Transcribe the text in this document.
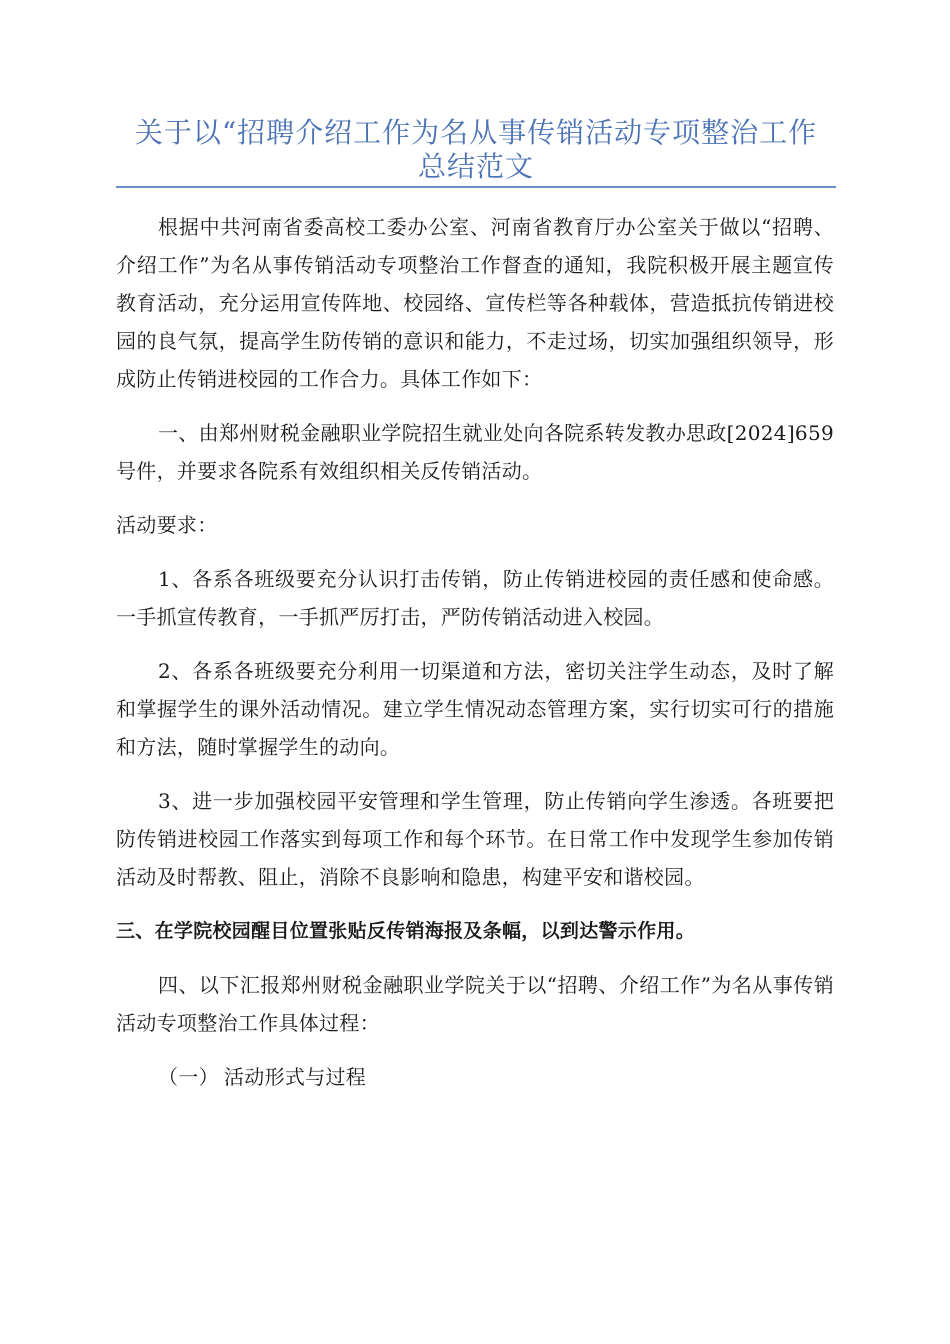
关于以“招聘介绍工作为名从事传销活动专项整治工作
总结范文

根据中共河南省委高校工委办公室、河南省教育厅办公室关于做以“招聘、介绍工作”为名从事传销活动专项整治工作督查的通知，我院积极开展主题宣传教育活动，充分运用宣传阵地、校园络、宣传栏等各种载体，营造抵抗传销进校园的良气氛，提高学生防传销的意识和能力，不走过场，切实加强组织领导，形成防止传销进校园的工作合力。具体工作如下：

一、由郑州财税金融职业学院招生就业处向各院系转发教办思政[2024]659号件，并要求各院系有效组织相关反传销活动。

活动要求：

1、各系各班级要充分认识打击传销，防止传销进校园的责任感和使命感。一手抓宣传教育，一手抓严厉打击，严防传销活动进入校园。

2、各系各班级要充分利用一切渠道和方法，密切关注学生动态，及时了解和掌握学生的课外活动情况。建立学生情况动态管理方案，实行切实可行的措施和方法，随时掌握学生的动向。

3、进一步加强校园平安管理和学生管理，防止传销向学生渗透。各班要把防传销进校园工作落实到每项工作和每个环节。在日常工作中发现学生参加传销活动及时帮教、阻止，消除不良影响和隐患，构建平安和谐校园。

三、在学院校园醒目位置张贴反传销海报及条幅，以到达警示作用。

四、以下汇报郑州财税金融职业学院关于以“招聘、介绍工作”为名从事传销活动专项整治工作具体过程：

（一） 活动形式与过程
